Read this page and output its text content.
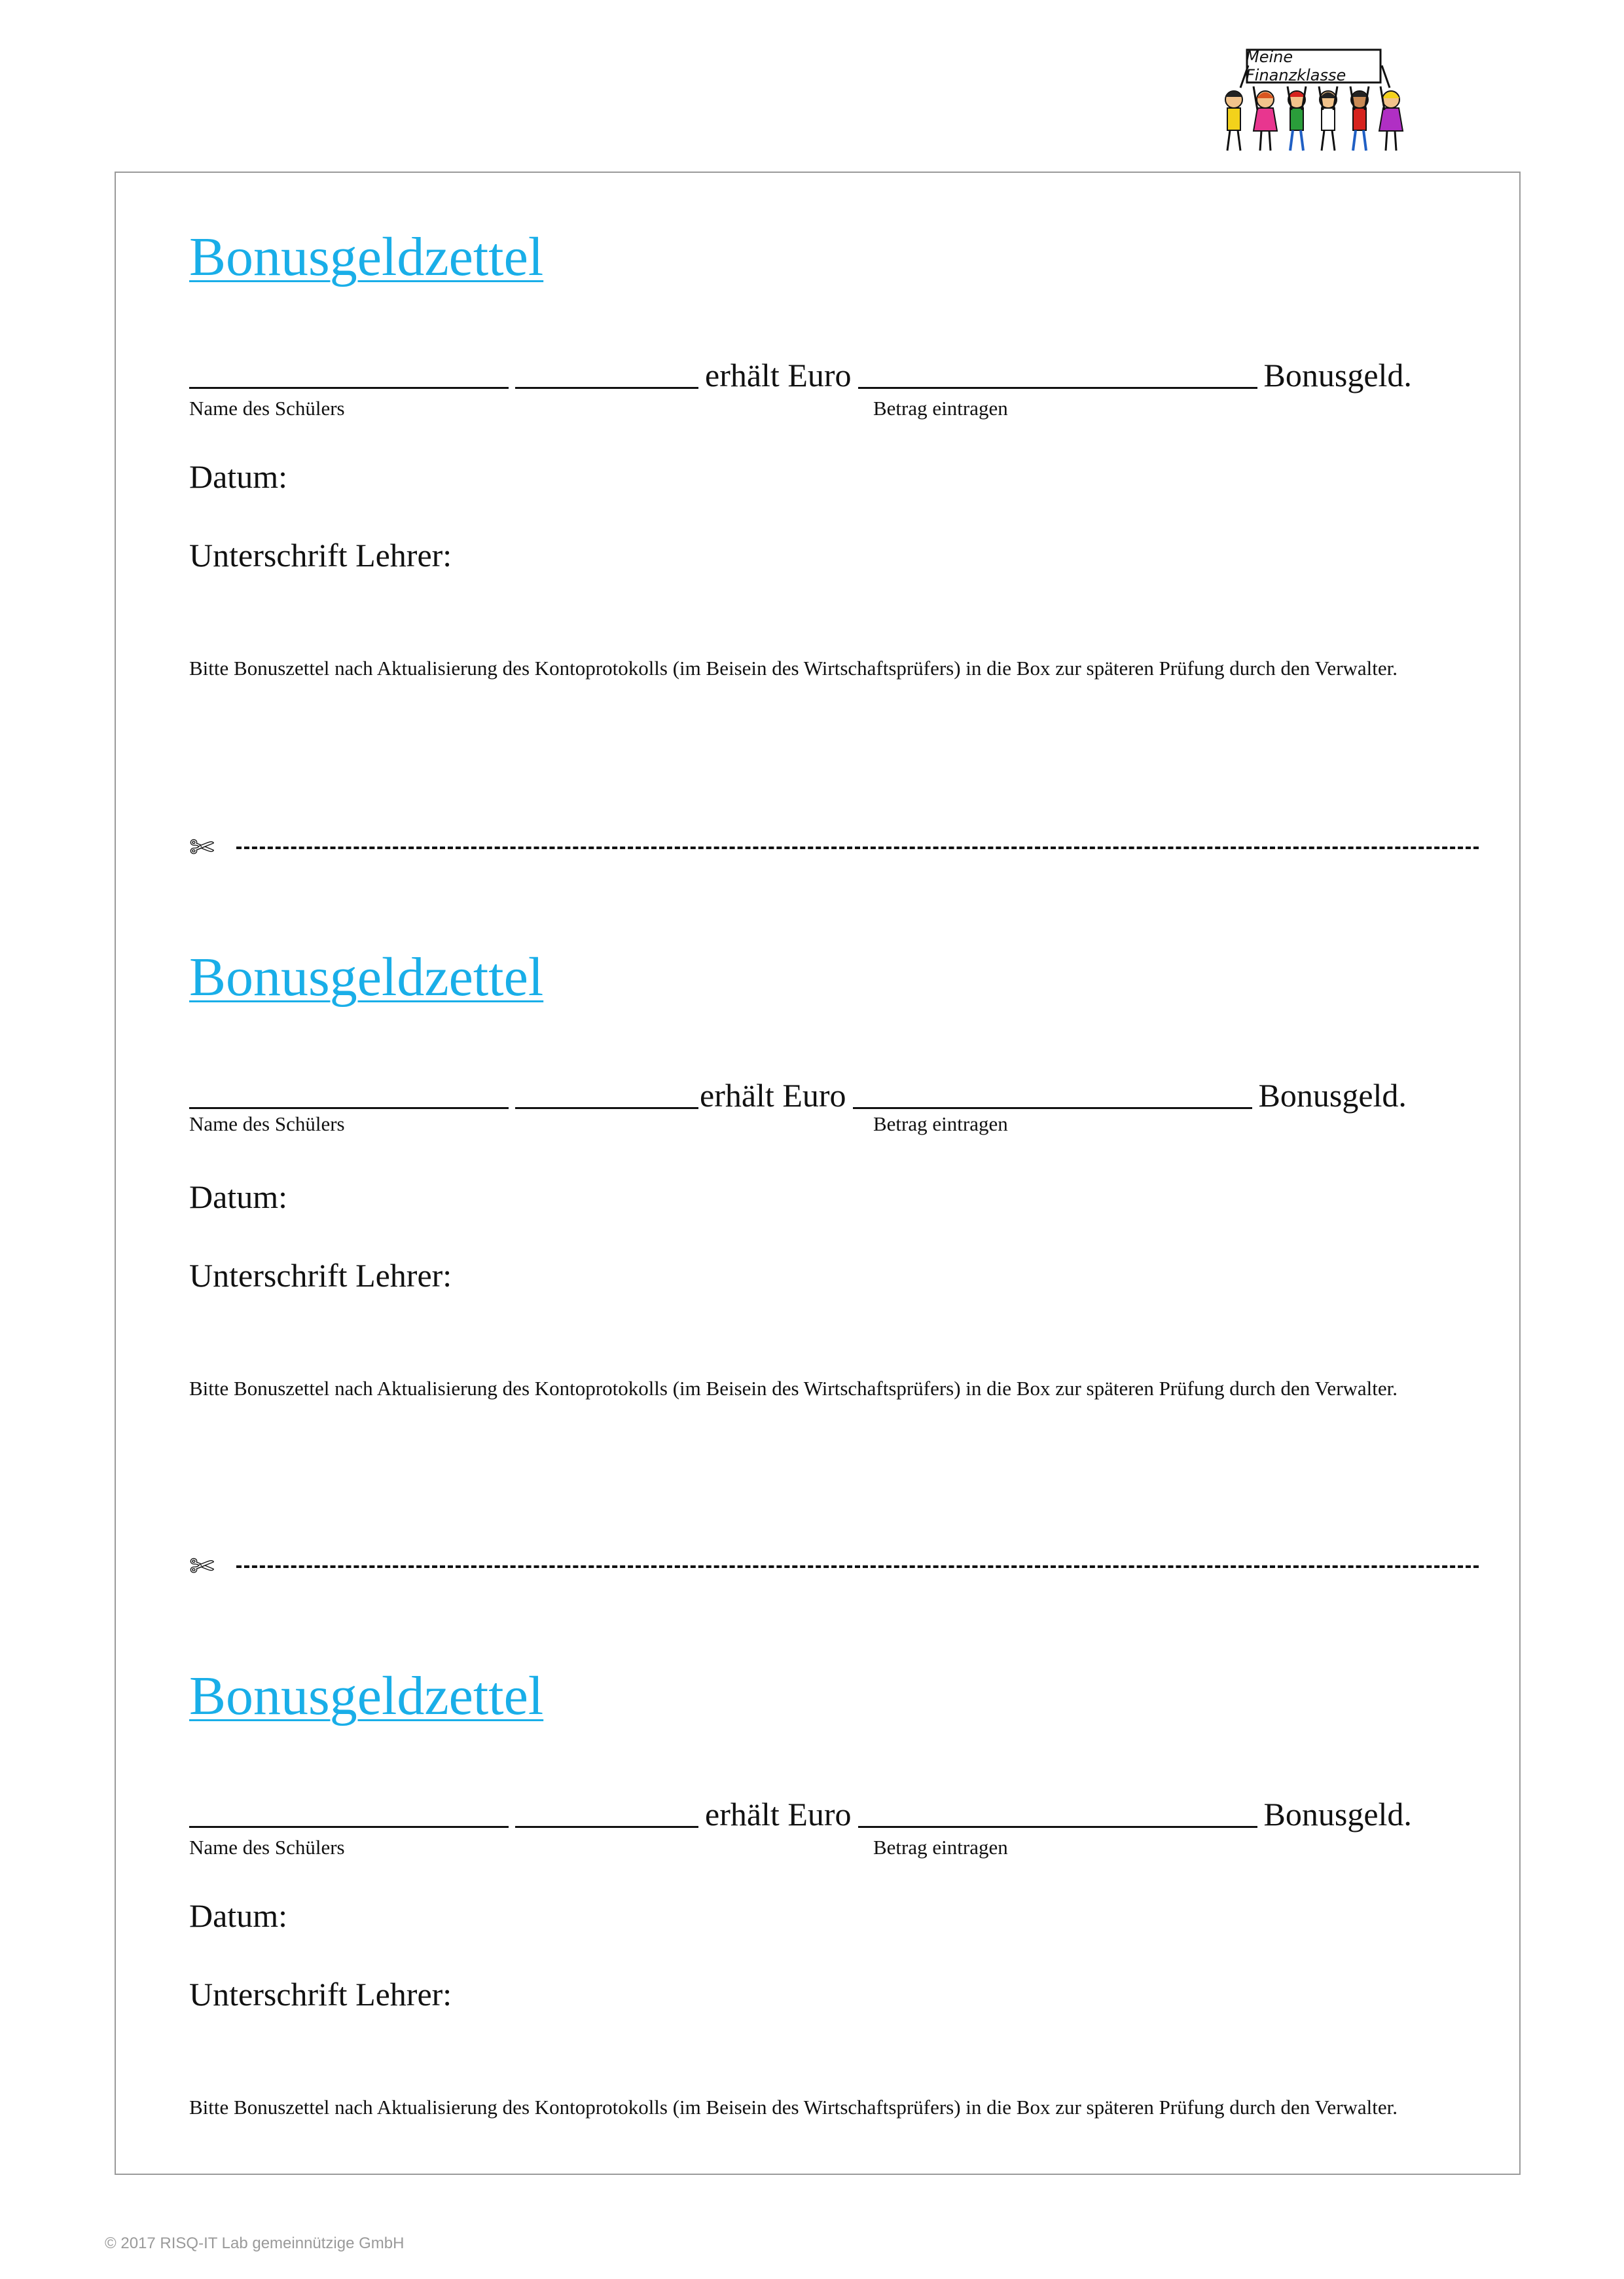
Meine Finanzklasse
Bonusgeldzettel
erhält Euro	Bonusgeld.
Name des Schülers	Betrag eintragen
Datum:
Unterschrift Lehrer:
Bitte Bonuszettel nach Aktualisierung des Kontoprotokolls (im Beisein des Wirtschaftsprüfers) in die Box zur späteren Prüfung durch den Verwalter.
✄
Bonusgeldzettel
erhält Euro	Bonusgeld.
Name des Schülers	Betrag eintragen
Datum:
Unterschrift Lehrer:
Bitte Bonuszettel nach Aktualisierung des Kontoprotokolls (im Beisein des Wirtschaftsprüfers) in die Box zur späteren Prüfung durch den Verwalter.
✄
Bonusgeldzettel
erhält Euro	Bonusgeld.
Name des Schülers	Betrag eintragen
Datum:
Unterschrift Lehrer:
Bitte Bonuszettel nach Aktualisierung des Kontoprotokolls (im Beisein des Wirtschaftsprüfers) in die Box zur späteren Prüfung durch den Verwalter.
© 2017 RISQ-IT Lab gemeinnützige GmbH
